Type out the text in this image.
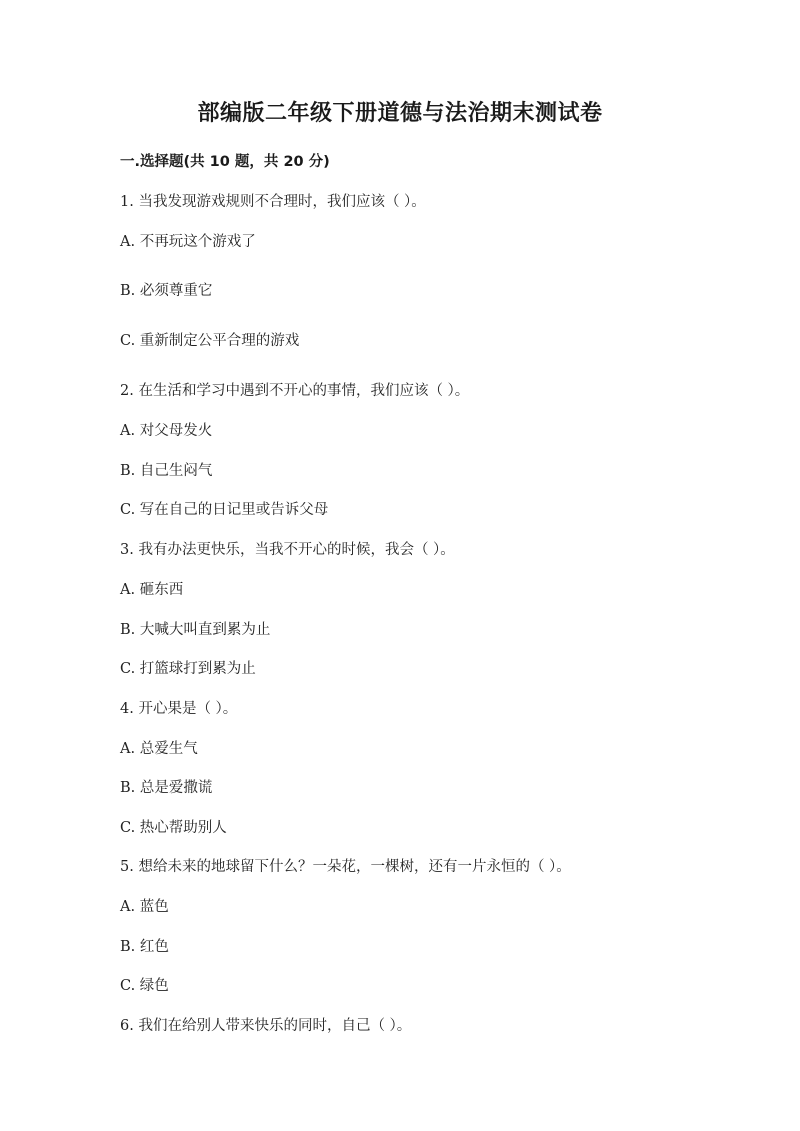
部编版二年级下册道德与法治期末测试卷
一.选择题(共 10 题，共 20 分)
1. 当我发现游戏规则不合理时，我们应该（ ）。
A. 不再玩这个游戏了
B. 必须尊重它
C. 重新制定公平合理的游戏
2. 在生活和学习中遇到不开心的事情，我们应该（ ）。
A. 对父母发火
B. 自己生闷气
C. 写在自己的日记里或告诉父母
3. 我有办法更快乐，当我不开心的时候，我会（ ）。
A. 砸东西
B. 大喊大叫直到累为止
C. 打篮球打到累为止
4. 开心果是（ ）。
A. 总爱生气
B. 总是爱撒谎
C. 热心帮助别人
5. 想给未来的地球留下什么？一朵花，一棵树，还有一片永恒的（ ）。
A. 蓝色
B. 红色
C. 绿色
6. 我们在给别人带来快乐的同时，自己（ ）。
